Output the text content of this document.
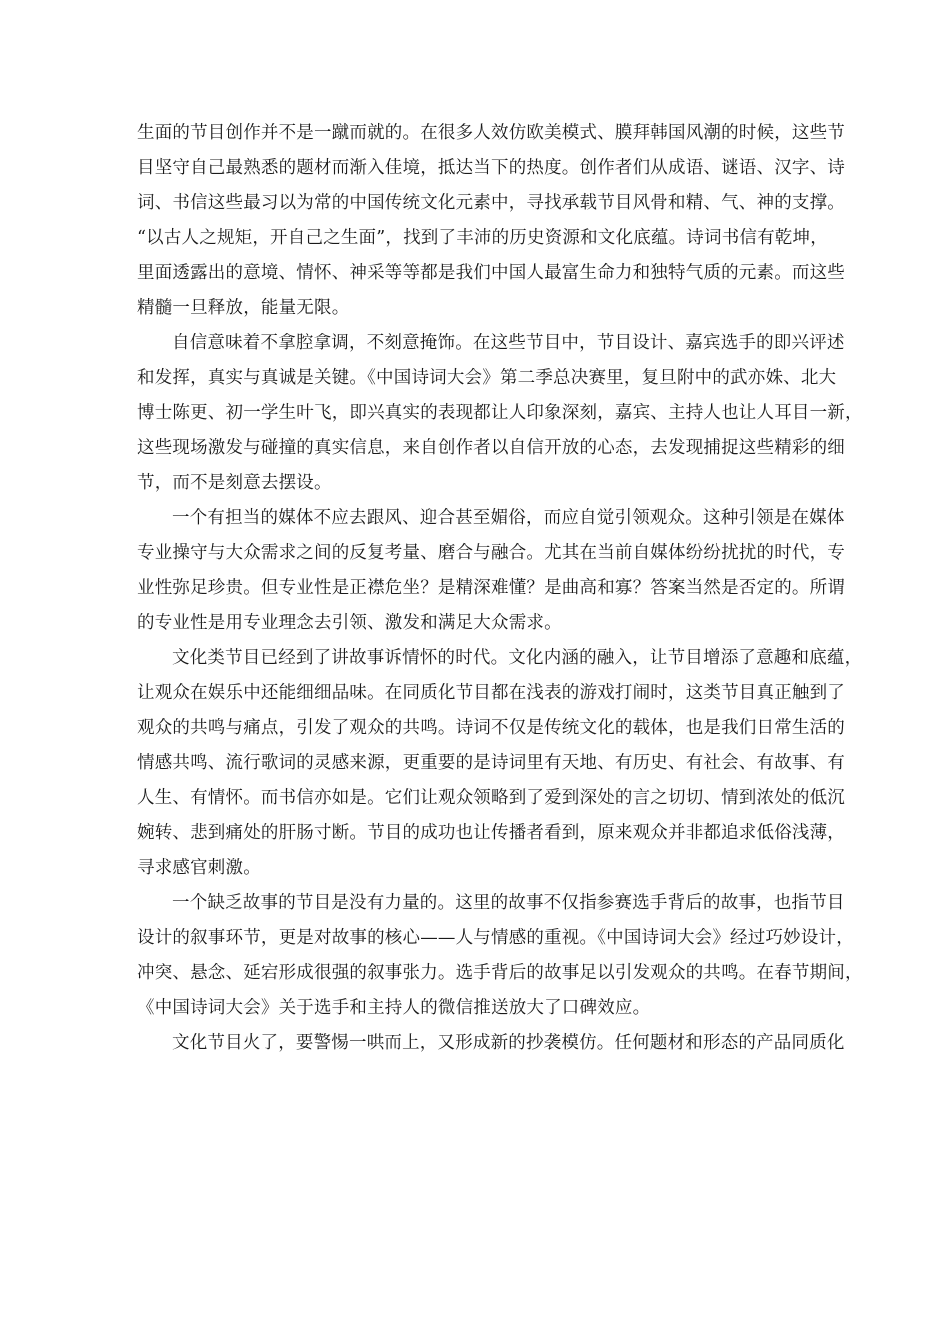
生面的节目创作并不是一蹴而就的。在很多人效仿欧美模式、膜拜韩国风潮的时候，这些节
目坚守自己最熟悉的题材而渐入佳境，抵达当下的热度。创作者们从成语、谜语、汉字、诗
词、书信这些最习以为常的中国传统文化元素中，寻找承载节目风骨和精、气、神的支撑。
“以古人之规矩，开自己之生面”，找到了丰沛的历史资源和文化底蕴。诗词书信有乾坤，
里面透露出的意境、情怀、神采等等都是我们中国人最富生命力和独特气质的元素。而这些
精髓一旦释放，能量无限。
自信意味着不拿腔拿调，不刻意掩饰。在这些节目中，节目设计、嘉宾选手的即兴评述
和发挥，真实与真诚是关键。《中国诗词大会》第二季总决赛里，复旦附中的武亦姝、北大
博士陈更、初一学生叶飞，即兴真实的表现都让人印象深刻，嘉宾、主持人也让人耳目一新，
这些现场激发与碰撞的真实信息，来自创作者以自信开放的心态，去发现捕捉这些精彩的细
节，而不是刻意去摆设。
一个有担当的媒体不应去跟风、迎合甚至媚俗，而应自觉引领观众。这种引领是在媒体
专业操守与大众需求之间的反复考量、磨合与融合。尤其在当前自媒体纷纷扰扰的时代，专
业性弥足珍贵。但专业性是正襟危坐？是精深难懂？是曲高和寡？答案当然是否定的。所谓
的专业性是用专业理念去引领、激发和满足大众需求。
文化类节目已经到了讲故事诉情怀的时代。文化内涵的融入，让节目增添了意趣和底蕴，
让观众在娱乐中还能细细品味。在同质化节目都在浅表的游戏打闹时，这类节目真正触到了
观众的共鸣与痛点，引发了观众的共鸣。诗词不仅是传统文化的载体，也是我们日常生活的
情感共鸣、流行歌词的灵感来源，更重要的是诗词里有天地、有历史、有社会、有故事、有
人生、有情怀。而书信亦如是。它们让观众领略到了爱到深处的言之切切、情到浓处的低沉
婉转、悲到痛处的肝肠寸断。节目的成功也让传播者看到，原来观众并非都追求低俗浅薄，
寻求感官刺激。
一个缺乏故事的节目是没有力量的。这里的故事不仅指参赛选手背后的故事，也指节目
设计的叙事环节，更是对故事的核心——人与情感的重视。《中国诗词大会》经过巧妙设计，
冲突、悬念、延宕形成很强的叙事张力。选手背后的故事足以引发观众的共鸣。在春节期间，
《中国诗词大会》关于选手和主持人的微信推送放大了口碑效应。
文化节目火了，要警惕一哄而上，又形成新的抄袭模仿。任何题材和形态的产品同质化
